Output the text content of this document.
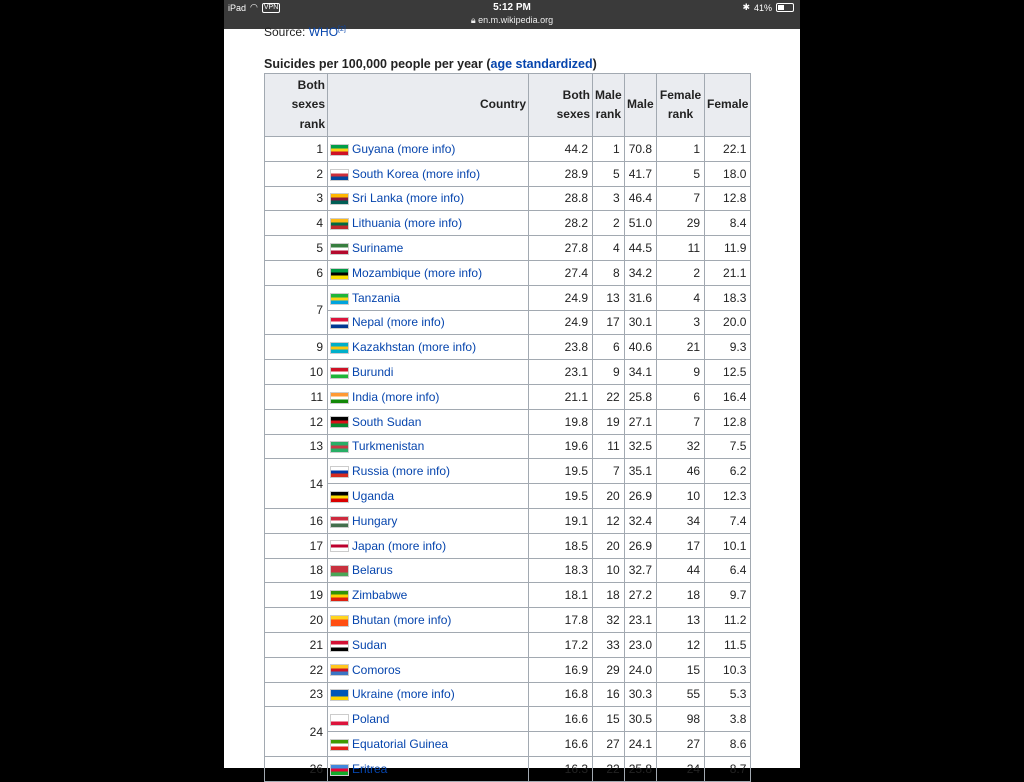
iPad ◠ VPN	5:12 PM
🔒︎ en.m.wikipedia.org
✱ 41%
Source: WHO[2]
Suicides per 100,000 people per year (age standardized)
Both sexes rank	Country	Both sexes	Male rank	Male	Female rank	Female
1	Guyana (more info)	44.2	1	70.8	1	22.1
2	South Korea (more info)	28.9	5	41.7	5	18.0
3	Sri Lanka (more info)	28.8	3	46.4	7	12.8
4	Lithuania (more info)	28.2	2	51.0	29	8.4
5	Suriname	27.8	4	44.5	11	11.9
6	Mozambique (more info)	27.4	8	34.2	2	21.1
7	Tanzania	24.9	13	31.6	4	18.3
	Nepal (more info)	24.9	17	30.1	3	20.0
9	Kazakhstan (more info)	23.8	6	40.6	21	9.3
10	Burundi	23.1	9	34.1	9	12.5
11	India (more info)	21.1	22	25.8	6	16.4
12	South Sudan	19.8	19	27.1	7	12.8
13	Turkmenistan	19.6	11	32.5	32	7.5
14	Russia (more info)	19.5	7	35.1	46	6.2
	Uganda	19.5	20	26.9	10	12.3
16	Hungary	19.1	12	32.4	34	7.4
17	Japan (more info)	18.5	20	26.9	17	10.1
18	Belarus	18.3	10	32.7	44	6.4
19	Zimbabwe	18.1	18	27.2	18	9.7
20	Bhutan (more info)	17.8	32	23.1	13	11.2
21	Sudan	17.2	33	23.0	12	11.5
22	Comoros	16.9	29	24.0	15	10.3
23	Ukraine (more info)	16.8	16	30.3	55	5.3
24	Poland	16.6	15	30.5	98	3.8
	Equatorial Guinea	16.6	27	24.1	27	8.6
26	Eritrea	16.3	22	25.8	24	8.7
